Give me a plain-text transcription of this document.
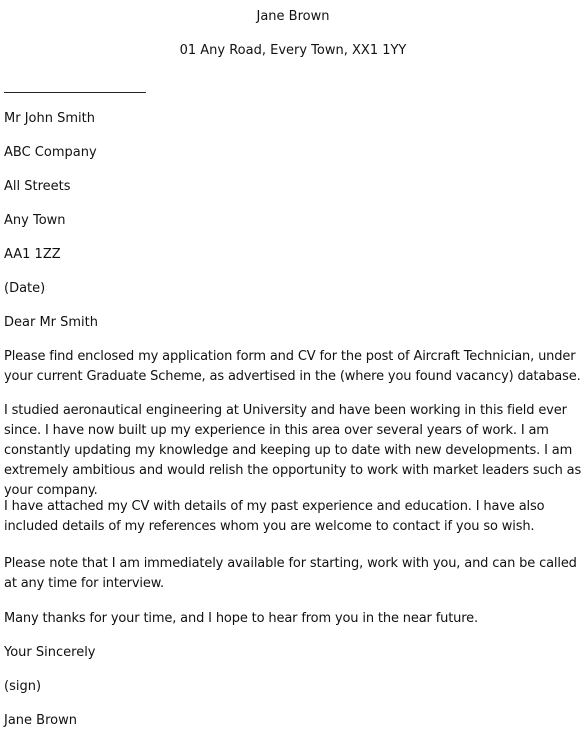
Jane Brown
01 Any Road, Every Town, XX1 1YY
Mr John Smith
ABC Company
All Streets
Any Town
AA1 1ZZ
(Date)
Dear Mr Smith
Please find enclosed my application form and CV for the post of Aircraft Technician, under your current Graduate Scheme, as advertised in the (where you found vacancy) database.
I studied aeronautical engineering at University and have been working in this field ever since. I have now built up my experience in this area over several years of work. I am constantly updating my knowledge and keeping up to date with new developments. I am extremely ambitious and would relish the opportunity to work with market leaders such as your company.
I have attached my CV with details of my past experience and education. I have also included details of my references whom you are welcome to contact if you so wish.
Please note that I am immediately available for starting, work with you, and can be called at any time for interview.
Many thanks for your time, and I hope to hear from you in the near future.
Your Sincerely
(sign)
Jane Brown
